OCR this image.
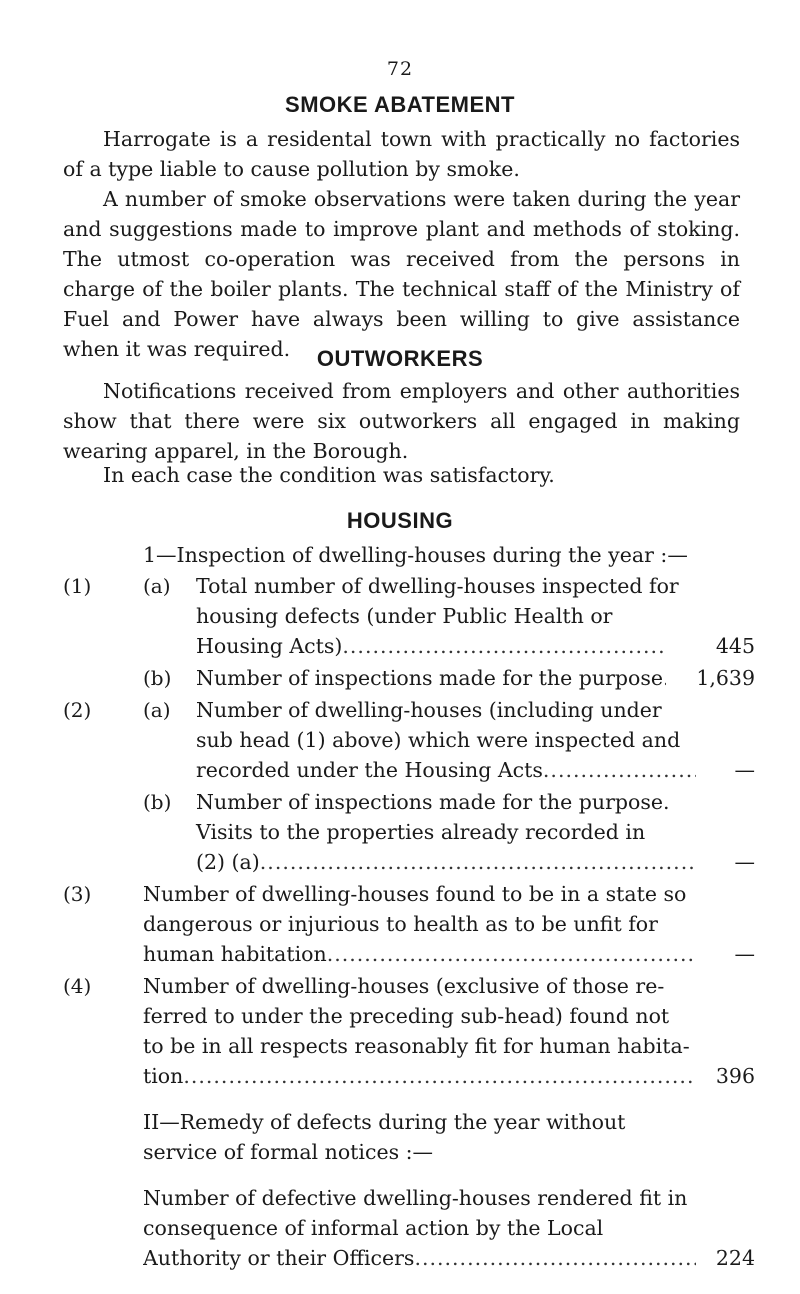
72
SMOKE ABATEMENT
Harrogate is a residental town with practically no factories of a type liable to cause pollution by smoke.
A number of smoke observations were taken during the year and suggestions made to improve plant and methods of stoking. The utmost co-operation was received from the persons in charge of the boiler plants. The technical staff of the Ministry of Fuel and Power have always been willing to give assistance when it was required.	OUTWORKERS
Notifications received from employers and other authorities show that there were six outworkers all engaged in making wearing apparel, in the Borough.
In each case the condition was satisfactory.
HOUSING
1—Inspection of dwelling-houses during the year :—
(1)	(a) Total number of dwelling-houses inspected for
housing defects (under Public Health or
Housing Acts) .....	445
(b) Number of inspections made for the purpose ..... 1,639
(2)	(a) Number of dwelling-houses (including under
sub head (1) above) which were inspected and
recorded under the Housing Acts .....	—
(b) Number of inspections made for the purpose.
Visits to the properties already recorded in
(2) (a) .....	—
(3)	Number of dwelling-houses found to be in a state so
dangerous or injurious to health as to be unfit for
human habitation .....	—
(4)	Number of dwelling-houses (exclusive of those re-
ferred to under the preceding sub-head) found not
to be in all respects reasonably fit for human habita-
tion .....	396
II—Remedy of defects during the year without
service of formal notices :—
Number of defective dwelling-houses rendered fit in
consequence of informal action by the Local
Authority or their Officers .....	224
